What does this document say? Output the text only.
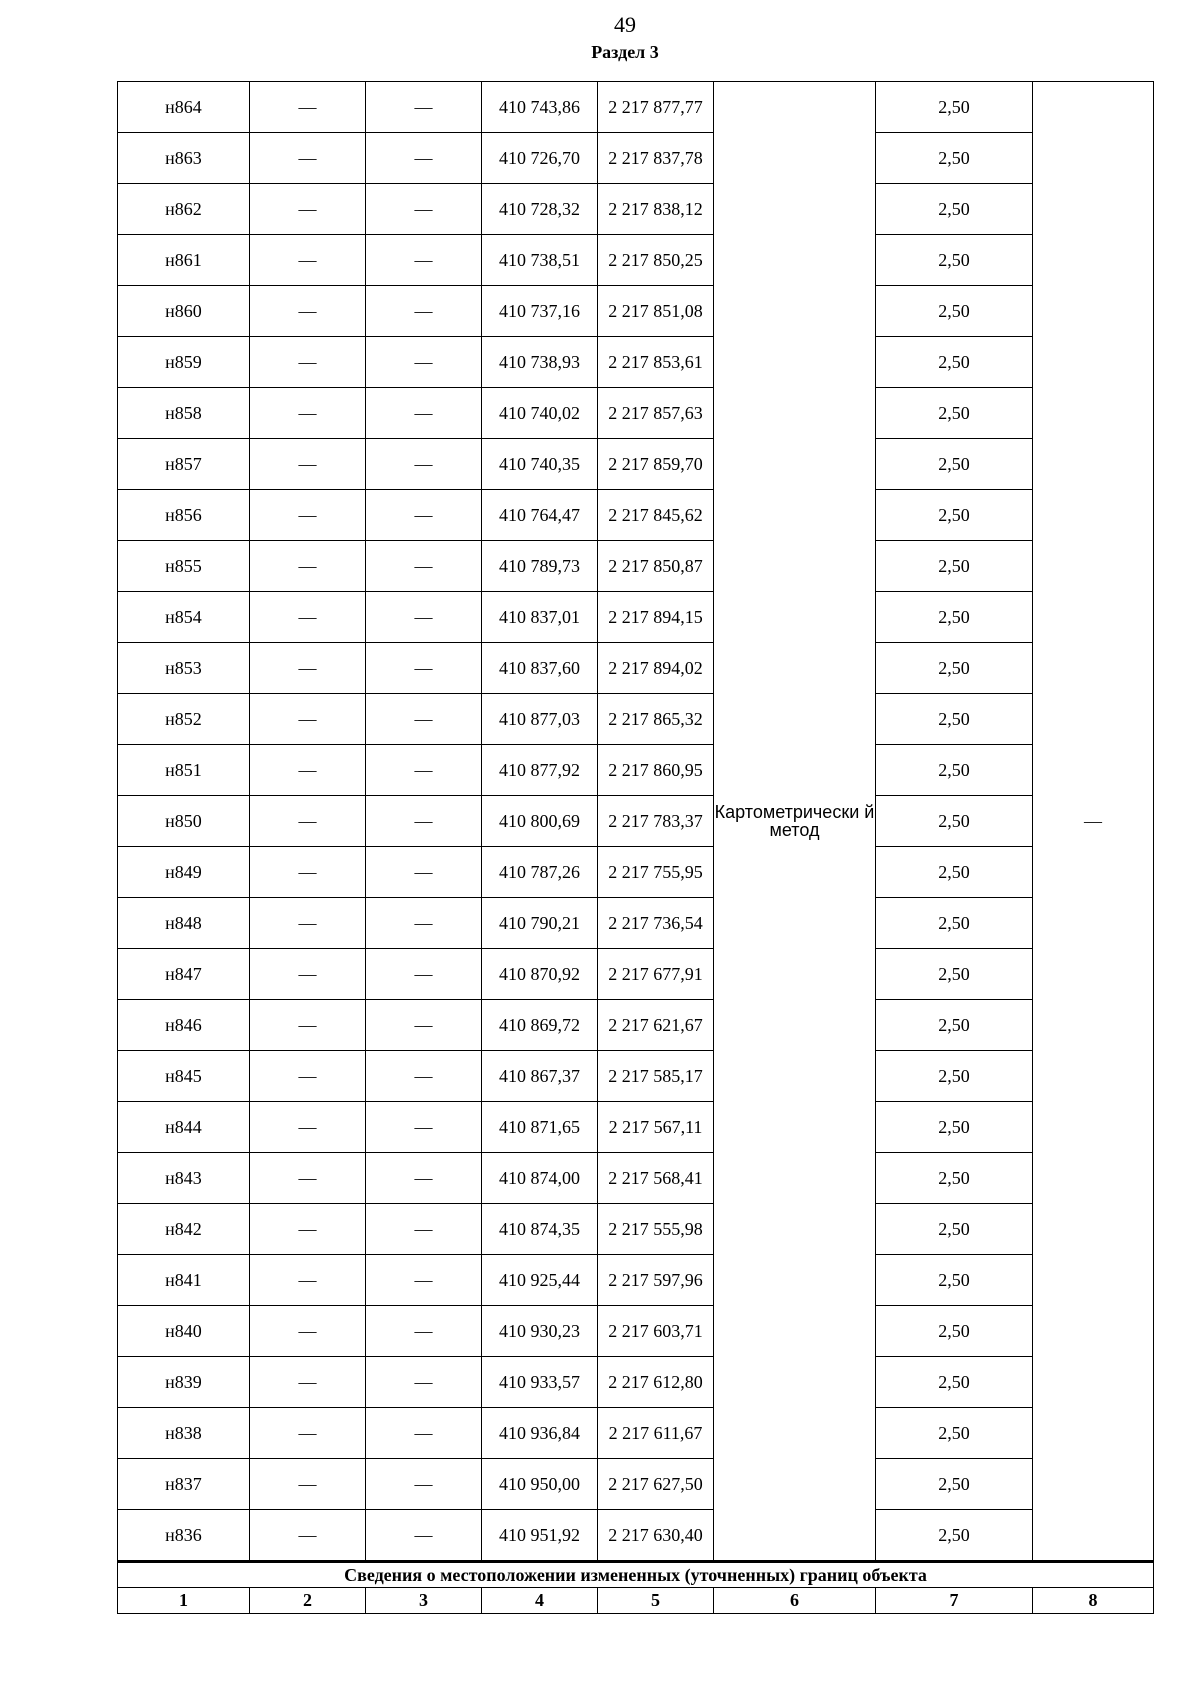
49
Раздел 3
н864	—	—	410 743,86	2 217 877,77	Картометрически й метод	2,50	—
н863	—	—	410 726,70	2 217 837,78		2,50	
н862	—	—	410 728,32	2 217 838,12		2,50	
н861	—	—	410 738,51	2 217 850,25		2,50	
н860	—	—	410 737,16	2 217 851,08		2,50	
н859	—	—	410 738,93	2 217 853,61		2,50	
н858	—	—	410 740,02	2 217 857,63		2,50	
н857	—	—	410 740,35	2 217 859,70		2,50	
н856	—	—	410 764,47	2 217 845,62		2,50	
н855	—	—	410 789,73	2 217 850,87		2,50	
н854	—	—	410 837,01	2 217 894,15		2,50	
н853	—	—	410 837,60	2 217 894,02		2,50	
н852	—	—	410 877,03	2 217 865,32		2,50	
н851	—	—	410 877,92	2 217 860,95		2,50	
н850	—	—	410 800,69	2 217 783,37		2,50	
н849	—	—	410 787,26	2 217 755,95		2,50	
н848	—	—	410 790,21	2 217 736,54		2,50	
н847	—	—	410 870,92	2 217 677,91		2,50	
н846	—	—	410 869,72	2 217 621,67		2,50	
н845	—	—	410 867,37	2 217 585,17		2,50	
н844	—	—	410 871,65	2 217 567,11		2,50	
н843	—	—	410 874,00	2 217 568,41		2,50	
н842	—	—	410 874,35	2 217 555,98		2,50	
н841	—	—	410 925,44	2 217 597,96		2,50	
н840	—	—	410 930,23	2 217 603,71		2,50	
н839	—	—	410 933,57	2 217 612,80		2,50	
н838	—	—	410 936,84	2 217 611,67		2,50	
н837	—	—	410 950,00	2 217 627,50		2,50	
н836	—	—	410 951,92	2 217 630,40		2,50	
Сведения о местоположении измененных (уточненных) границ объекта							
1	2	3	4	5	6	7	8
